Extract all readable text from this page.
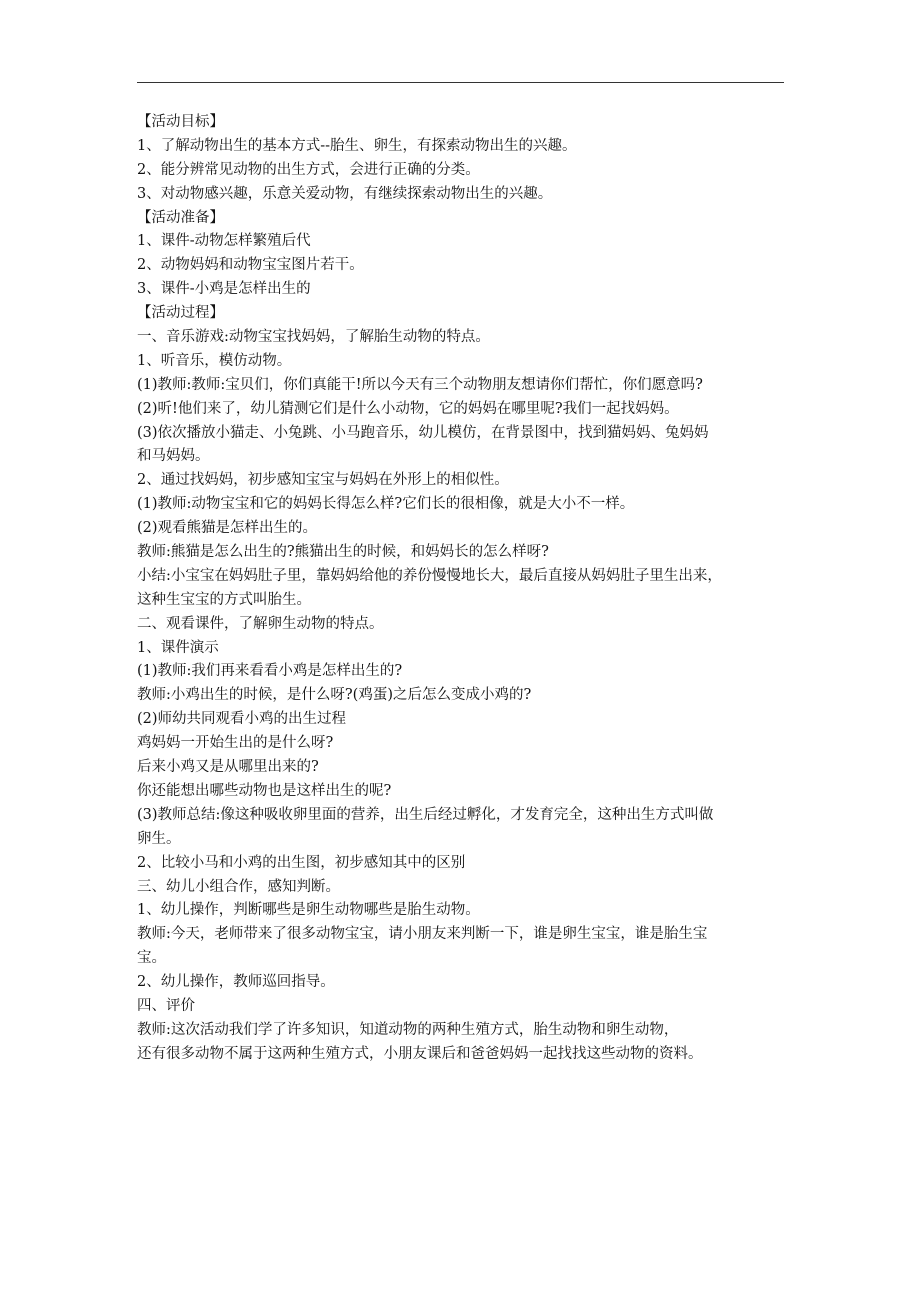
【活动目标】
1、了解动物出生的基本方式--胎生、卵生，有探索动物出生的兴趣。
2、能分辨常见动物的出生方式，会进行正确的分类。
3、对动物感兴趣，乐意关爱动物，有继续探索动物出生的兴趣。
【活动准备】
1、课件-动物怎样繁殖后代
2、动物妈妈和动物宝宝图片若干。
3、课件-小鸡是怎样出生的
【活动过程】
一、音乐游戏:动物宝宝找妈妈，了解胎生动物的特点。
1、听音乐，模仿动物。
(1)教师:教师:宝贝们，你们真能干!所以今天有三个动物朋友想请你们帮忙，你们愿意吗?
(2)听!他们来了，幼儿猜测它们是什么小动物，它的妈妈在哪里呢?我们一起找妈妈。
(3)依次播放小猫走、小兔跳、小马跑音乐，幼儿模仿，在背景图中，找到猫妈妈、兔妈妈
和马妈妈。
2、通过找妈妈，初步感知宝宝与妈妈在外形上的相似性。
(1)教师:动物宝宝和它的妈妈长得怎么样?它们长的很相像，就是大小不一样。
(2)观看熊猫是怎样出生的。
教师:熊猫是怎么出生的?熊猫出生的时候，和妈妈长的怎么样呀?
小结:小宝宝在妈妈肚子里，靠妈妈给他的养份慢慢地长大，最后直接从妈妈肚子里生出来，
这种生宝宝的方式叫胎生。
二、观看课件，了解卵生动物的特点。
1、课件演示
(1)教师:我们再来看看小鸡是怎样出生的?
教师:小鸡出生的时候，是什么呀?(鸡蛋)之后怎么变成小鸡的?
(2)师幼共同观看小鸡的出生过程
鸡妈妈一开始生出的是什么呀?
后来小鸡又是从哪里出来的?
你还能想出哪些动物也是这样出生的呢?
(3)教师总结:像这种吸收卵里面的营养，出生后经过孵化，才发育完全，这种出生方式叫做
卵生。
2、比较小马和小鸡的出生图，初步感知其中的区别
三、幼儿小组合作，感知判断。
1、幼儿操作，判断哪些是卵生动物哪些是胎生动物。
教师:今天，老师带来了很多动物宝宝，请小朋友来判断一下，谁是卵生宝宝，谁是胎生宝
宝。
2、幼儿操作，教师巡回指导。
四、评价
教师:这次活动我们学了许多知识，知道动物的两种生殖方式，胎生动物和卵生动物，
还有很多动物不属于这两种生殖方式，小朋友课后和爸爸妈妈一起找找这些动物的资料。
